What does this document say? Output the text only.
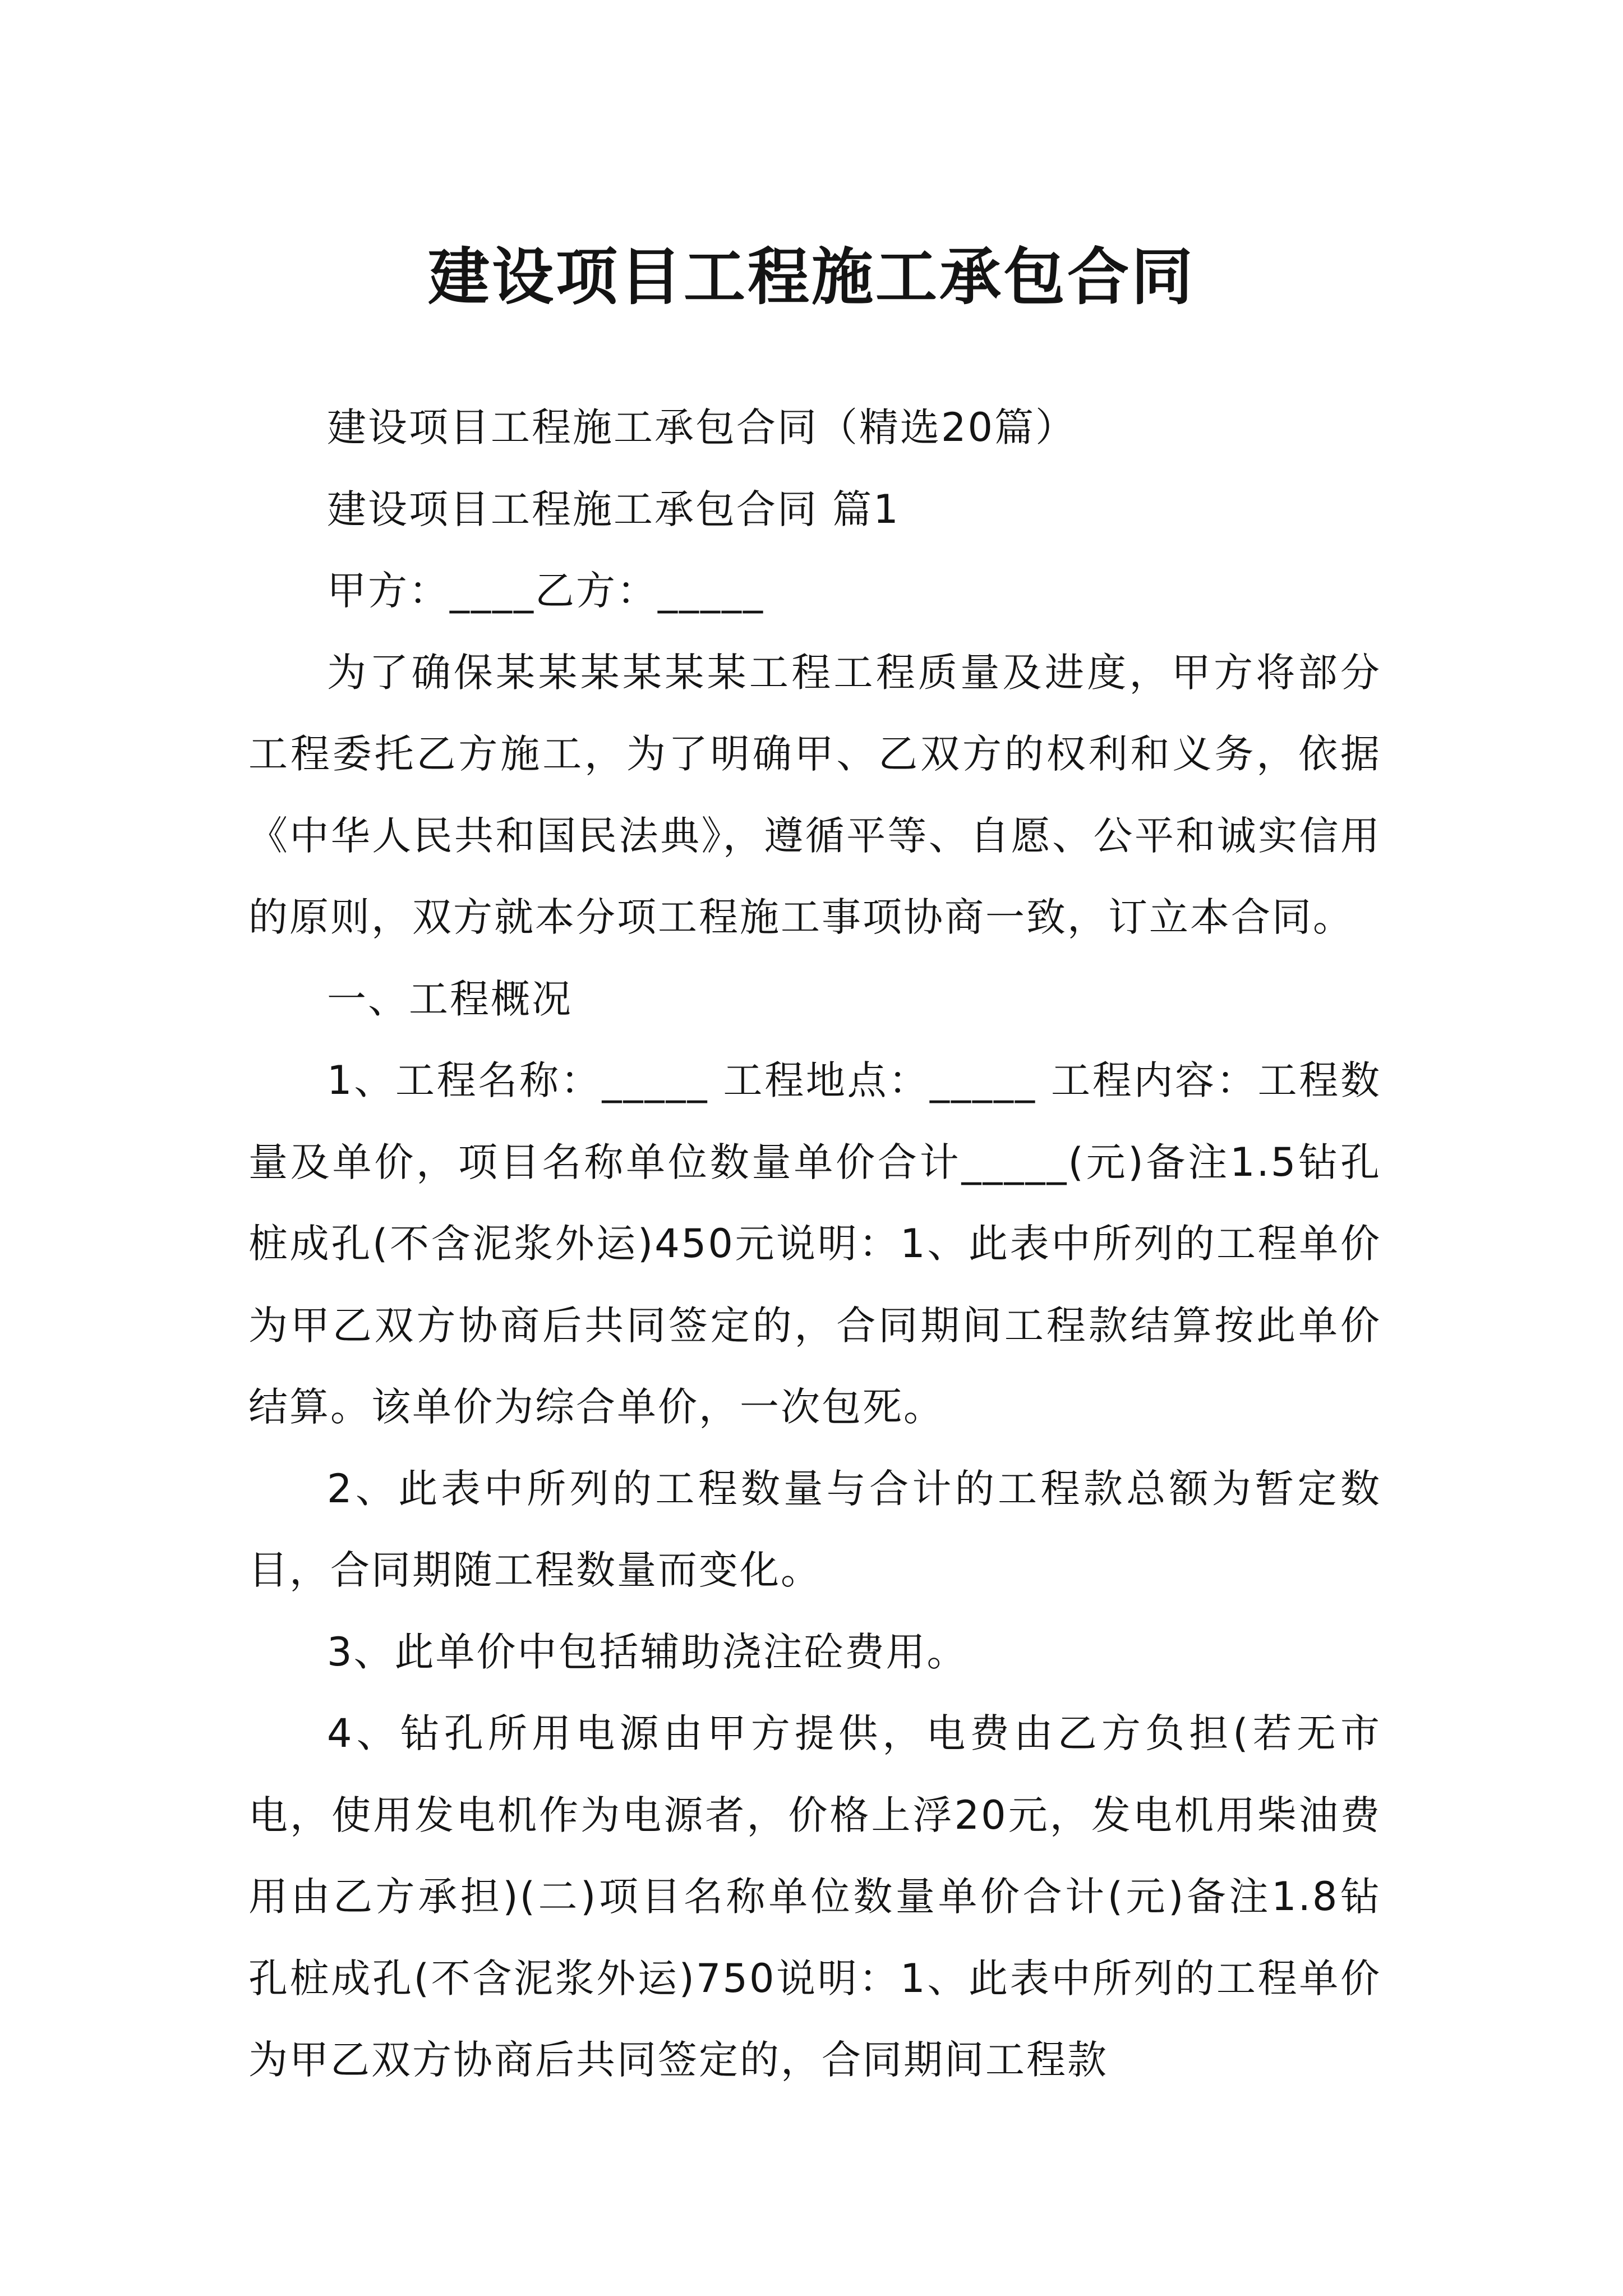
建设项目工程施工承包合同

建设项目工程施工承包合同（精选20篇）

建设项目工程施工承包合同 篇1

甲方：____乙方：_____

为了确保某某某某某某工程工程质量及进度，甲方将部分工程委托乙方施工，为了明确甲、乙双方的权利和义务，依据《中华人民共和国民法典》，遵循平等、自愿、公平和诚实信用的原则，双方就本分项工程施工事项协商一致，订立本合同。

一、工程概况

1、工程名称：_____ 工程地点：_____ 工程内容：工程数量及单价，项目名称单位数量单价合计_____(元)备注1.5钻孔桩成孔(不含泥浆外运)450元说明：1、此表中所列的工程单价为甲乙双方协商后共同签定的，合同期间工程款结算按此单价结算。该单价为综合单价，一次包死。

2、此表中所列的工程数量与合计的工程款总额为暂定数目，合同期随工程数量而变化。

3、此单价中包括辅助浇注砼费用。

4、钻孔所用电源由甲方提供，电费由乙方负担(若无市电，使用发电机作为电源者，价格上浮20元，发电机用柴油费用由乙方承担)(二)项目名称单位数量单价合计(元)备注1.8钻孔桩成孔(不含泥浆外运)750说明：1、此表中所列的工程单价为甲乙双方协商后共同签定的，合同期间工程款
